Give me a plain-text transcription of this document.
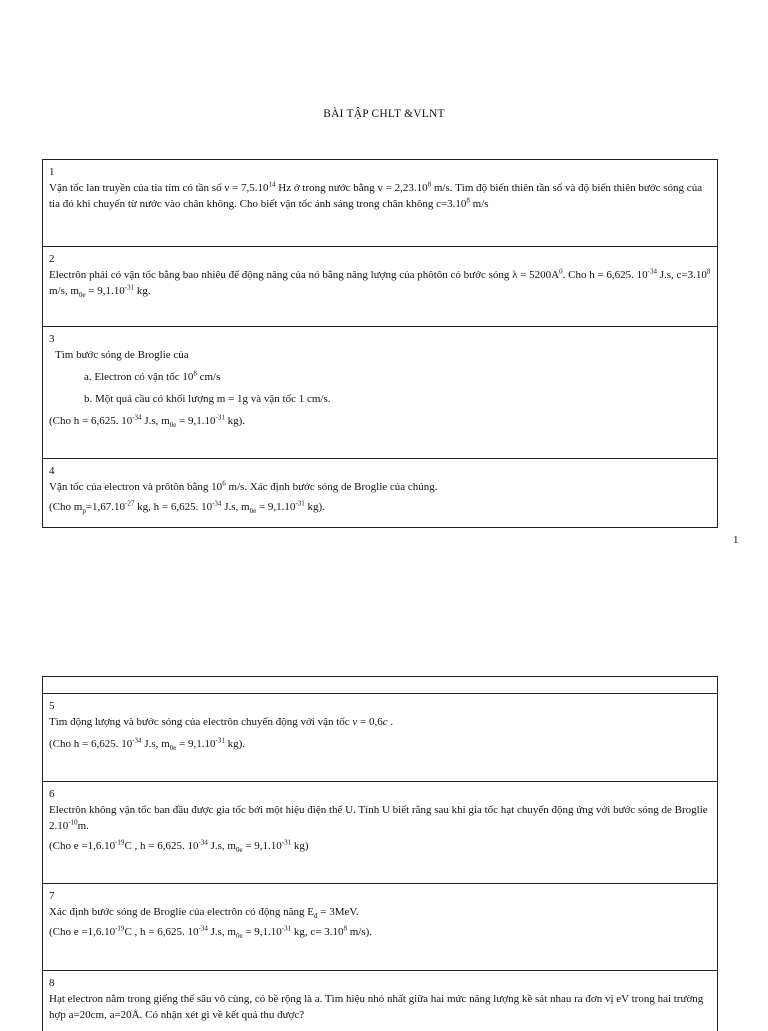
BÀI TẬP CHLT &VLNT
1
Vận tốc lan truyền của tia tím có tần số $\nu = 7,5.10^{14}$ Hz ở trong nước bằng $v = 2,23.10^8$ m/s. Tìm độ biến thiên tần số và độ biến thiên bước sóng của tia đó khi chuyển từ nước vào chân không. Cho biết vận tốc ánh sáng trong chân không $c=3.10^8$ m/s
2
Electrôn phải có vận tốc bằng bao nhiêu để động năng của nó bằng năng lượng của phôtôn có bước sóng $\lambda = 5200A^0$. Cho h = 6,625. $10^{-34}$ J.s, $c=3.10^8$ m/s, $m_{0e} = 9,1.10^{-31}$ kg.
3
Tìm bước sóng de Broglie của
a. Electron có vận tốc $10^8$ cm/s
b. Một quả cầu có khối lượng m = 1g và vận tốc 1 cm/s.
(Cho h = 6,625. $10^{-34}$ J.s, $m_{0e} = 9,1.10^{-31}$ kg).
4
Vận tốc của electron và prôtôn bằng $10^6$ m/s. Xác định bước sóng de Broglie của chúng.
(Cho $m_p=1,67.10^{-27}$ kg, h = 6,625. $10^{-34}$ J.s, $m_{0e} = 9,1.10^{-31}$ kg).
1
5
Tìm động lượng và bước sóng của electrôn chuyển động với vận tốc v = 0,6c .
(Cho h = 6,625. $10^{-34}$ J.s, $m_{0e} = 9,1.10^{-31}$ kg).
6
Electrôn không vận tốc ban đầu được gia tốc bởi một hiệu điện thế U. Tính U biết rằng sau khi gia tốc hạt chuyển động ứng với bước sóng de Broglie $2.10^{-10}m$.
(Cho $e =1,6.10^{-19}C$ , h = 6,625. $10^{-34}$ J.s, $m_{0e} = 9,1.10^{-31}$ kg)
7
Xác định bước sóng de Broglie của electrôn có động năng $E_đ = 3MeV$.
(Cho $e =1,6.10^{-19}C$ , h = 6,625. $10^{-34}$ J.s, $m_{0e} = 9,1.10^{-31}$ kg, $c= 3.10^8$ m/s).
8
Hạt electron nằm trong giếng thế sâu vô cùng, có bề rộng là a. Tìm hiệu nhỏ nhất giữa hai mức năng lượng kề sát nhau ra đơn vị eV trong hai trường hợp a=20cm, a=20Å. Có nhận xét gì về kết quả thu được?
